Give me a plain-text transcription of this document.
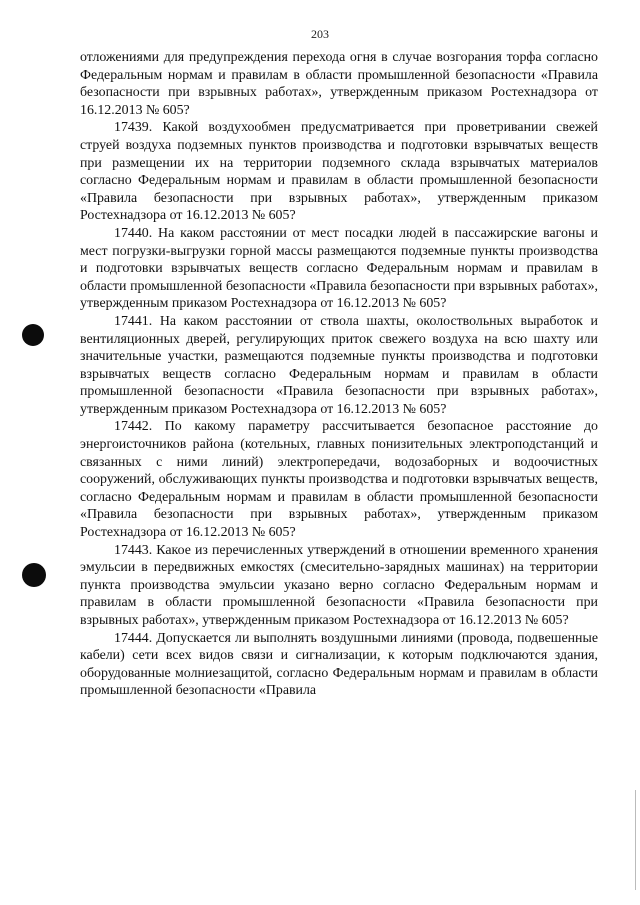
203

отложениями для предупреждения перехода огня в случае возгорания торфа согласно Федеральным нормам и правилам в области промышленной безопасности «Правила безопасности при взрывных работах», утвержденным приказом Ростехнадзора от 16.12.2013 № 605?

17439. Какой воздухообмен предусматривается при проветривании свежей струей воздуха подземных пунктов производства и подготовки взрывчатых веществ при размещении их на территории подземного склада взрывчатых материалов согласно Федеральным нормам и правилам в области промышленной безопасности «Правила безопасности при взрывных работах», утвержденным приказом Ростехнадзора от 16.12.2013 № 605?

17440. На каком расстоянии от мест посадки людей в пассажирские вагоны и мест погрузки-выгрузки горной массы размещаются подземные пункты производства и подготовки взрывчатых веществ согласно Федеральным нормам и правилам в области промышленной безопасности «Правила безопасности при взрывных работах», утвержденным приказом Ростехнадзора от 16.12.2013 № 605?

17441. На каком расстоянии от ствола шахты, околоствольных выработок и вентиляционных дверей, регулирующих приток свежего воздуха на всю шахту или значительные участки, размещаются подземные пункты производства и подготовки взрывчатых веществ согласно Федеральным нормам и правилам в области промышленной безопасности «Правила безопасности при взрывных работах», утвержденным приказом Ростехнадзора от 16.12.2013 № 605?

17442. По какому параметру рассчитывается безопасное расстояние до энергоисточников района (котельных, главных понизительных электроподстанций и связанных с ними линий) электропередачи, водозаборных и водоочистных сооружений, обслуживающих пункты производства и подготовки взрывчатых веществ, согласно Федеральным нормам и правилам в области промышленной безопасности «Правила безопасности при взрывных работах», утвержденным приказом Ростехнадзора от 16.12.2013 № 605?

17443. Какое из перечисленных утверждений в отношении временного хранения эмульсии в передвижных емкостях (смесительно-зарядных машинах) на территории пункта производства эмульсии указано верно согласно Федеральным нормам и правилам в области промышленной безопасности «Правила безопасности при взрывных работах», утвержденным приказом Ростехнадзора от 16.12.2013 № 605?

17444. Допускается ли выполнять воздушными линиями (провода, подвешенные кабели) сети всех видов связи и сигнализации, к которым подключаются здания, оборудованные молниезащитой, согласно Федеральным нормам и правилам в области промышленной безопасности «Правила
